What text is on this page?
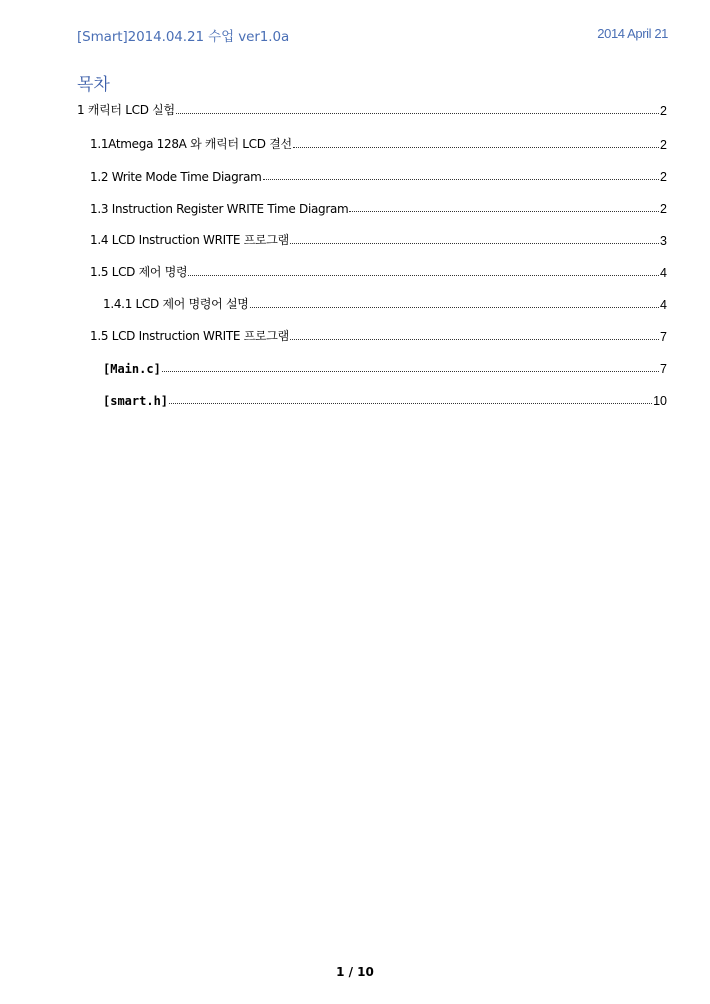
[Smart]2014.04.21 수업 ver1.0a	2014 April 21
목차
1 캐릭터 LCD 실험	2
1.1Atmega 128A 와 캐릭터 LCD 결선	2
1.2 Write Mode Time Diagram	2
1.3 Instruction Register WRITE Time Diagram	2
1.4 LCD Instruction WRITE 프로그램	3
1.5 LCD 제어 명령	4
1.4.1 LCD 제어 명령어 설명	4
1.5 LCD Instruction WRITE 프로그램	7
[Main.c]	7
[smart.h]	10
1 / 10
